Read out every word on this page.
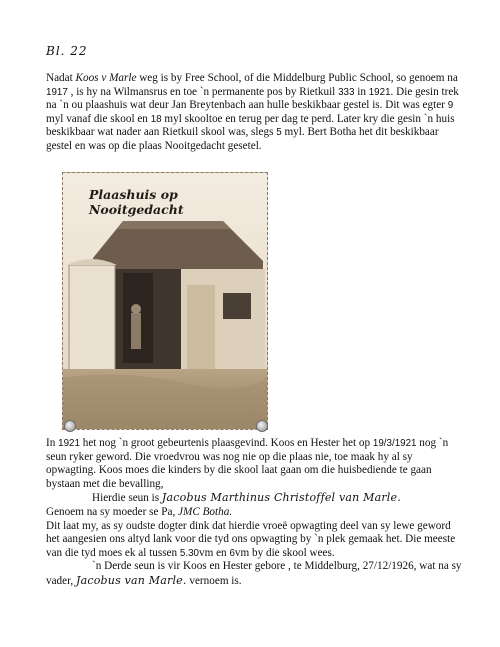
Bl. 22

Nadat Koos v Marle weg is by Free School, of die Middelburg Public School, so genoem na 1917 , is hy na Wilmansrus en toe `n permanente pos by Rietkuil 333 in 1921. Die gesin trek na `n ou plaashuis wat deur Jan Breytenbach aan hulle beskikbaar gestel is. Dit was egter 9 myl vanaf die skool en 18 myl skooltoe en terug per dag te perd. Later kry die gesin `n huis beskikbaar wat nader aan Rietkuil skool was, slegs 5 myl. Bert Botha het dit beskikbaar gestel en was op die plaas Nooitgedacht gesetel.

Plaashuis op Nooitgedacht

In 1921 het nog `n groot gebeurtenis plaasgevind. Koos en Hester het op 19/3/1921 nog `n seun ryker geword. Die vroedvrou was nog nie op die plaas nie, toe maak hy al sy opwagting. Koos moes die kinders by die skool laat gaan om die huisbediende te gaan bystaan met die bevalling,
Hierdie seun is Jacobus Marthinus Christoffel van Marle.
Genoem na sy moeder se Pa, JMC Botha.
Dit laat my, as sy oudste dogter dink dat hierdie vroeë opwagting deel van sy lewe geword het aangesien ons altyd lank voor die tyd ons opwagting by `n plek gemaak het. Die meeste van die tyd moes ek al tussen 5.30vm en 6vm by die skool wees.
`n Derde seun is vir Koos en Hester gebore , te Middelburg, 27/12/1926, wat na sy vader, Jacobus van Marle. vernoem is.
